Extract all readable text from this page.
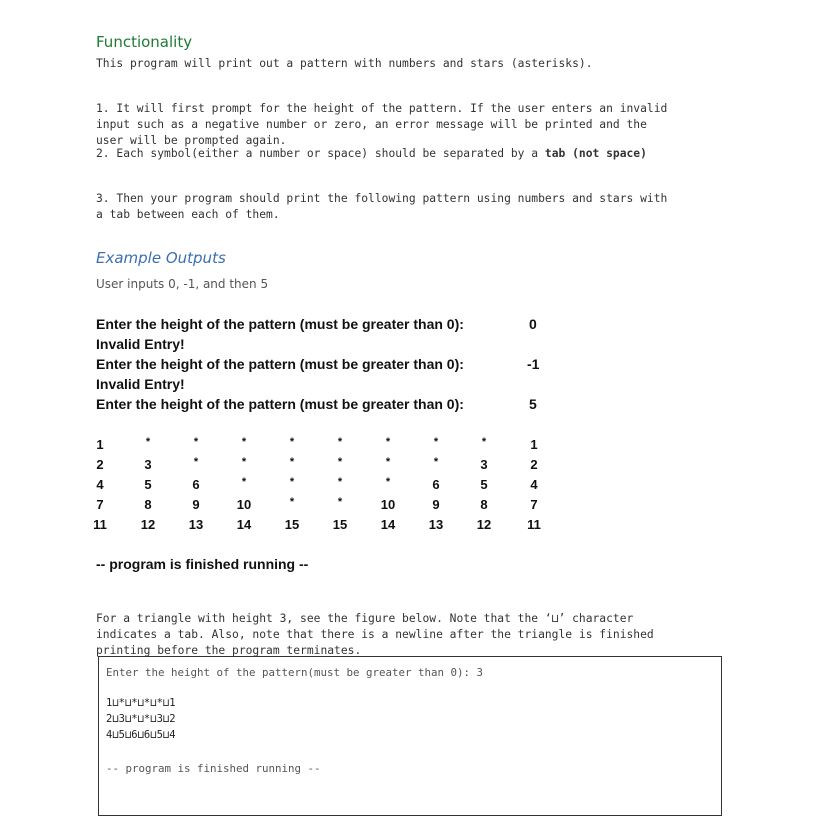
Functionality
This program will print out a pattern with numbers and stars (asterisks).

1. It will first prompt for the height of the pattern. If the user enters an invalid
input such as a negative number or zero, an error message will be printed and the
user will be prompted again.
2. Each symbol(either a number or space) should be separated by a tab (not space)

3. Then your program should print the following pattern using numbers and stars with
a tab between each of them.
Example Outputs
User inputs 0, -1, and then 5
Enter the height of the pattern (must be greater than 0):	0
Invalid Entry!
Enter the height of the pattern (must be greater than 0):	-1
Invalid Entry!
Enter the height of the pattern (must be greater than 0):	5
1	*	*	*	*	*	*	*	*	1
2	3	*	*	*	*	*	*	3	2
4	5	6	*	*	*	*	6	5	4
7	8	9	10	*	*	10	9	8	7
11	12	13	14	15	15	14	13	12	11
-- program is finished running --

For a triangle with height 3, see the figure below. Note that the ‘⊔’ character
indicates a tab. Also, note that there is a newline after the triangle is finished
printing before the program terminates.
Enter the height of the pattern(must be greater than 0): 3
1⊔*⊔*⊔*⊔*⊔1
2⊔3⊔*⊔*⊔3⊔2
4⊔5⊔6⊔6⊔5⊔4
-- program is finished running --
